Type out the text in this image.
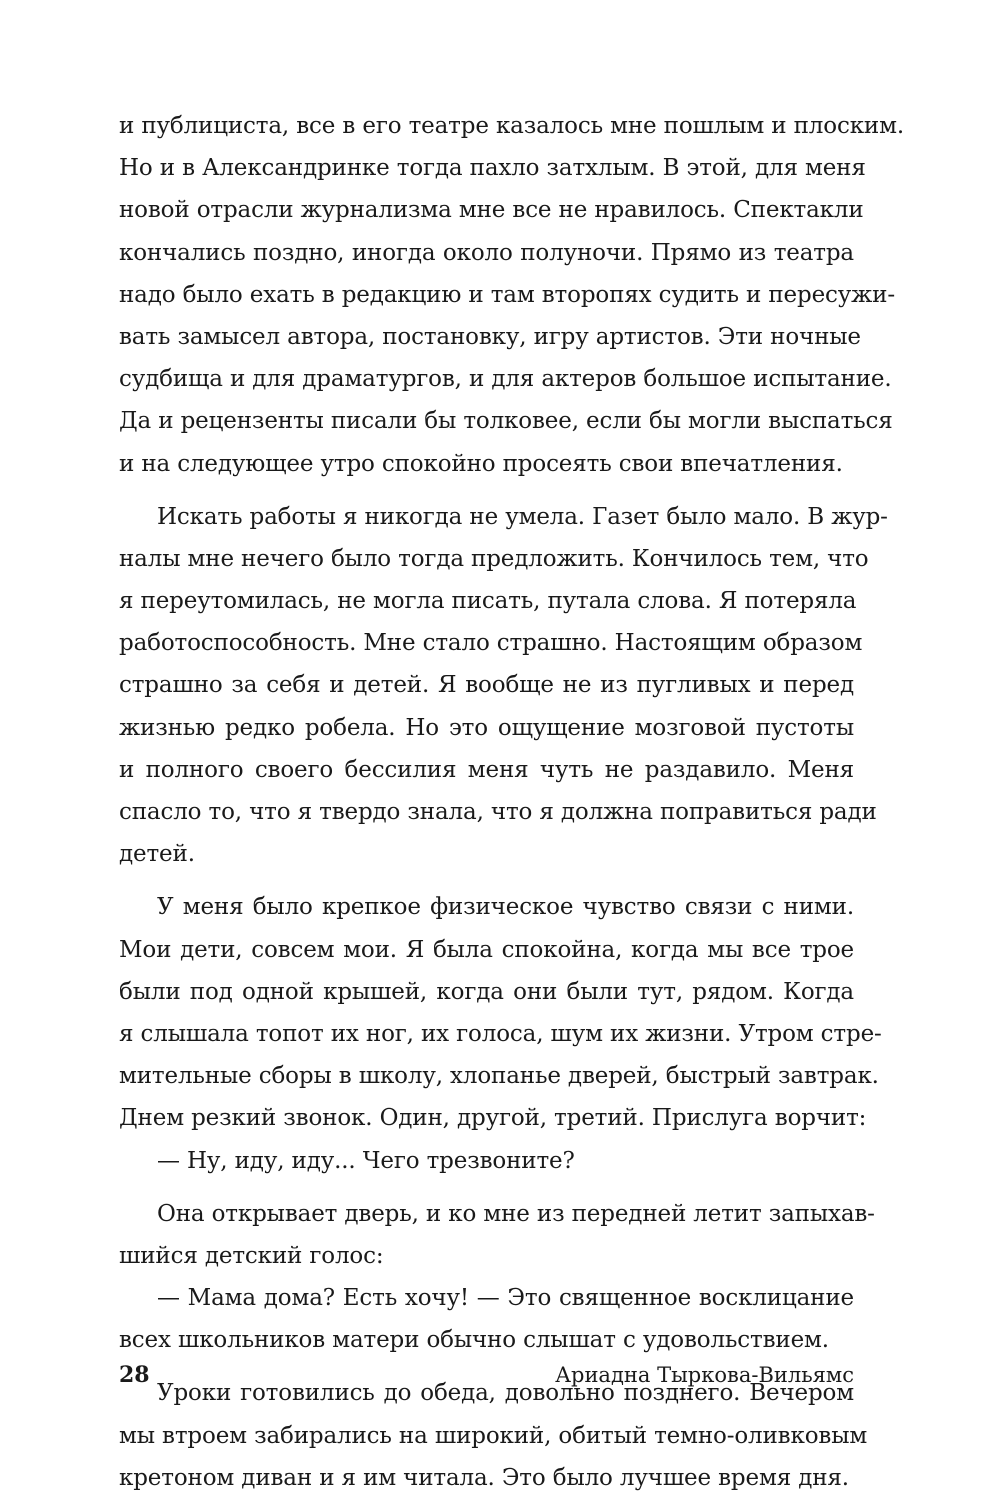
и публициста, все в его театре казалось мне пошлым и плоским.
Но и в Александринке тогда пахло затхлым. В этой, для меня
новой отрасли журнализма мне все не нравилось. Спектакли
кончались поздно, иногда около полуночи. Прямо из театра
надо было ехать в редакцию и там второпях судить и пересужи-
вать замысел автора, постановку, игру артистов. Эти ночные
судбища и для драматургов, и для актеров большое испытание.
Да и рецензенты писали бы толковее, если бы могли выспаться
и на следующее утро спокойно просеять свои впечатления.
Искать работы я никогда не умела. Газет было мало. В жур-
налы мне нечего было тогда предложить. Кончилось тем, что
я переутомилась, не могла писать, путала слова. Я потеряла
работоспособность. Мне стало страшно. Настоящим образом
страшно за себя и детей. Я вообще не из пугливых и перед
жизнью редко робела. Но это ощущение мозговой пустоты
и полного своего бессилия меня чуть не раздавило. Меня
спасло то, что я твердо знала, что я должна поправиться ради
детей.
У меня было крепкое физическое чувство связи с ними.
Мои дети, совсем мои. Я была спокойна, когда мы все трое
были под одной крышей, когда они были тут, рядом. Когда
я слышала топот их ног, их голоса, шум их жизни. Утром стре-
мительные сборы в школу, хлопанье дверей, быстрый завтрак.
Днем резкий звонок. Один, другой, третий. Прислуга ворчит:
— Ну, иду, иду... Чего трезвоните?
Она открывает дверь, и ко мне из передней летит запыхав-
шийся детский голос:
— Мама дома? Есть хочу! — Это священное восклицание
всех школьников матери обычно слышат с удовольствием.
Уроки готовились до обеда, довольно позднего. Вечером
мы втроем забирались на широкий, обитый темно-оливковым
кретоном диван и я им читала. Это было лучшее время дня.
28	Ариадна Тыркова-Вильямс
